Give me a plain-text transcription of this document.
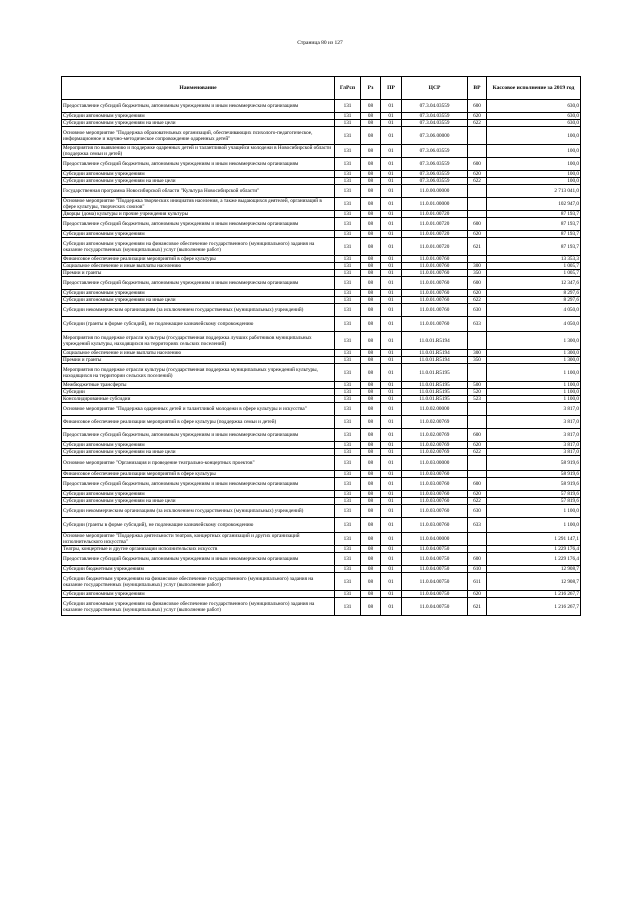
Страница 80 из 127
Наименование	ГлРсп	Рз	ПР	ЦСР	ВР	Кассовое исполнение за 2019 год
Предоставление субсидий бюджетным, автономным учреждениям и иным некоммерческим организациям	131	08	01	07.3.04.03559	600	630,0
Субсидии автономным учреждениям	131	08	01	07.3.04.03559	620	630,0
Субсидии автономным учреждениям на иные цели	131	08	01	07.3.04.03559	622	630,0
Основное мероприятие "Поддержка образовательных организаций, обеспечивающих психолого-педагогическое, информационное и научно-методическое сопровождение одаренных детей"	131	08	01	07.3.06.00000		100,0
Мероприятия по выявлению и поддержке одаренных детей и талантливой учащейся молодежи в Новосибирской области (поддержка семьи и детей)	131	08	01	07.3.06.03559		100,0
Предоставление субсидий бюджетным, автономным учреждениям и иным некоммерческим организациям	131	08	01	07.3.06.03559	600	100,0
Субсидии автономным учреждениям	131	08	01	07.3.06.03559	620	100,0
Субсидии автономным учреждениям на иные цели	131	08	01	07.3.06.03559	622	100,0
Государственная программа Новосибирской области "Культура Новосибирской области"	131	08	01	11.0.00.00000		2 713 041,0
Основное мероприятие "Поддержка творческих инициатив населения, а также выдающихся деятелей, организаций в сфере культуры, творческих союзов"	131	08	01	11.0.01.00000		102 947,0
Дворцы (дома) культуры и прочие учреждения культуры	131	08	01	11.0.01.00720		87 193,7
Предоставление субсидий бюджетным, автономным учреждениям и иным некоммерческим организациям	131	08	01	11.0.01.00720	600	87 193,7
Субсидии автономным учреждениям	131	08	01	11.0.01.00720	620	87 193,7
Субсидии автономным учреждениям на финансовое обеспечение государственного (муниципального) задания на оказание государственных (муниципальных) услуг (выполнение работ)	131	08	01	11.0.01.00720	621	87 193,7
Финансовое обеспечение реализации мероприятий в сфере культуры	131	08	01	11.0.01.00760		13 353,3
Социальное обеспечение и иные выплаты населению	131	08	01	11.0.01.00760	300	1 005,7
Премии и гранты	131	08	01	11.0.01.00760	350	1 005,7
Предоставление субсидий бюджетным, автономным учреждениям и иным некоммерческим организациям	131	08	01	11.0.01.00760	600	12 347,6
Субсидии автономным учреждениям	131	08	01	11.0.01.00760	620	8 297,6
Субсидии автономным учреждениям на иные цели	131	08	01	11.0.01.00760	622	8 297,6
Субсидии некоммерческим организациям (за исключением государственных (муниципальных) учреждений)	131	08	01	11.0.01.00760	630	4 050,0
Субсидии (гранты в форме субсидий), не подлежащие казначейскому сопровождению	131	08	01	11.0.01.00760	633	4 050,0
Мероприятия по поддержке отрасли культуры (государственная поддержка лучших работников муниципальных учреждений культуры, находящихся на территориях сельских поселений)	131	08	01	11.0.01.R5194		1 300,0
Социальное обеспечение и иные выплаты населению	131	08	01	11.0.01.R5194	300	1 300,0
Премии и гранты	131	08	01	11.0.01.R5194	350	1 300,0
Мероприятия по поддержке отрасли культуры (государственная поддержка муниципальных учреждений культуры, находящихся на территории сельских поселений)	131	08	01	11.0.01.R5195		1 100,0
Межбюджетные трансферты	131	08	01	11.0.01.R5195	500	1 100,0
Субсидии	131	08	01	11.0.01.R5195	520	1 100,0
Консолидированные субсидии	131	08	01	11.0.01.R5195	523	1 100,0
Основное мероприятие "Поддержка одаренных детей и талантливой молодежи в сфере культуры и искусства"	131	08	01	11.0.02.00000		3 817,0
Финансовое обеспечение реализации мероприятий в сфере культуры (поддержка семьи и детей)	131	08	01	11.0.02.00769		3 817,0
Предоставление субсидий бюджетным, автономным учреждениям и иным некоммерческим организациям	131	08	01	11.0.02.00769	600	3 817,0
Субсидии автономным учреждениям	131	08	01	11.0.02.00769	620	3 817,0
Субсидии автономным учреждениям на иные цели	131	08	01	11.0.02.00769	622	3 817,0
Основное мероприятие "Организация и проведение театрально-концертных проектов"	131	08	01	11.0.03.00000		58 919,6
Финансовое обеспечение реализации мероприятий в сфере культуры	131	08	01	11.0.03.00760		58 919,6
Предоставление субсидий бюджетным, автономным учреждениям и иным некоммерческим организациям	131	08	01	11.0.03.00760	600	58 919,6
Субсидии автономным учреждениям	131	08	01	11.0.03.00760	620	57 819,6
Субсидии автономным учреждениям на иные цели	131	08	01	11.0.03.00760	622	57 819,6
Субсидии некоммерческим организациям (за исключением государственных (муниципальных) учреждений)	131	08	01	11.0.03.00760	630	1 100,0
Субсидии (гранты в форме субсидий), не подлежащие казначейскому сопровождению	131	08	01	11.0.03.00760	633	1 100,0
Основное мероприятие "Поддержка деятельности театров, концертных организаций и других организаций исполнительского искусства"	131	08	01	11.0.04.00000		1 291 147,1
Театры, концертные и другие организации исполнительских искусств	131	08	01	11.0.04.00750		1 229 176,4
Предоставление субсидий бюджетным, автономным учреждениям и иным некоммерческим организациям	131	08	01	11.0.04.00750	600	1 229 176,4
Субсидии бюджетным учреждениям	131	08	01	11.0.04.00750	610	12 908,7
Субсидии бюджетным учреждениям на финансовое обеспечение государственного (муниципального) задания на оказание государственных (муниципальных) услуг (выполнение работ)	131	08	01	11.0.04.00750	611	12 908,7
Субсидии автономным учреждениям	131	08	01	11.0.04.00750	620	1 216 267,7
Субсидии автономным учреждениям на финансовое обеспечение государственного (муниципального) задания на оказание государственных (муниципальных) услуг (выполнение работ)	131	08	01	11.0.04.00750	621	1 216 267,7
